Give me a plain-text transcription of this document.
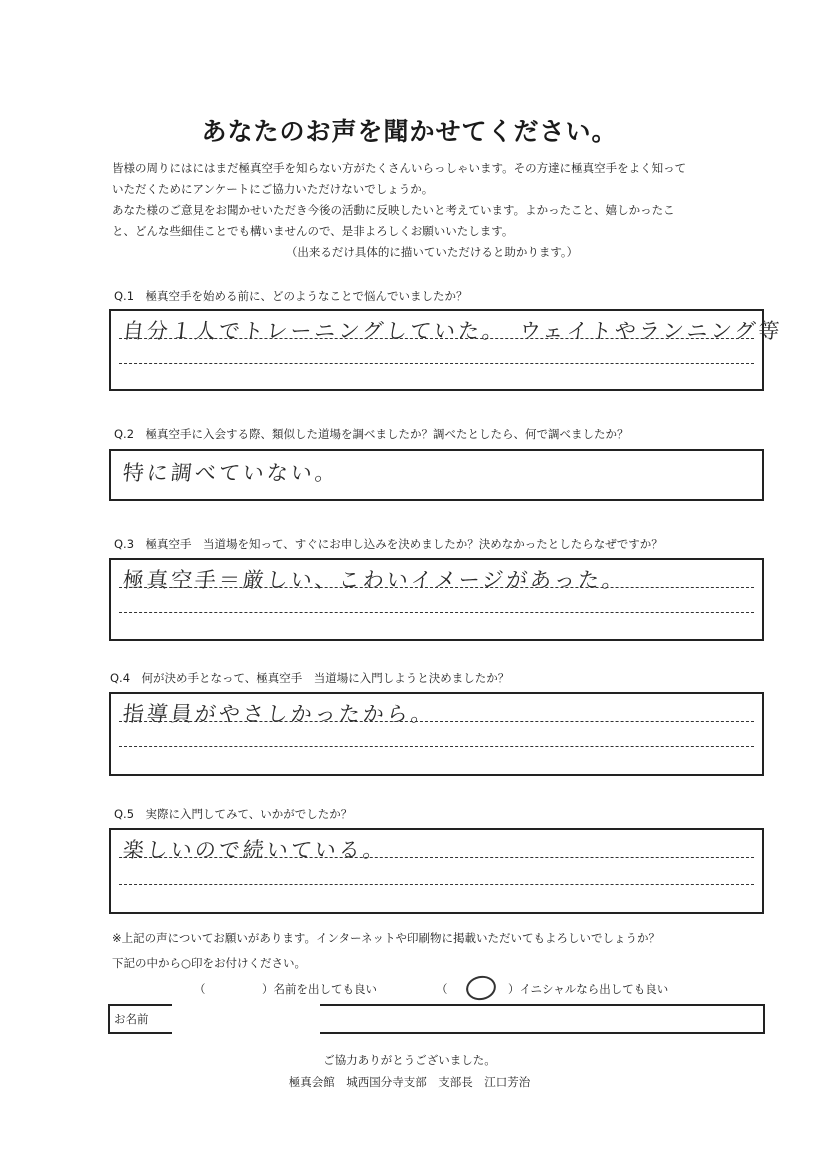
あなたのお声を聞かせてください。
皆様の周りにはにはまだ極真空手を知らない方がたくさんいらっしゃいます。その方達に極真空手をよく知って
いただくためにアンケートにご協力いただけないでしょうか。
あなた様のご意見をお聞かせいただき今後の活動に反映したいと考えています。よかったこと、嬉しかったこ
と、どんな些細佳ことでも構いませんので、是非よろしくお願いいたします。
（出来るだけ具体的に描いていただけると助かります。）
Q.1　極真空手を始める前に、どのようなことで悩んでいましたか？
自分１人でトレーニングしていた。　ウェイトやランニング等
Q.2　極真空手に入会する際、類似した道場を調べましたか？調べたとしたら、何で調べましたか？
特に調べていない。
Q.3　極真空手　当道場を知って、すぐにお申し込みを決めましたか？決めなかったとしたらなぜですか？
極真空手＝厳しい、こわいイメージがあった。
Q.4　何が決め手となって、極真空手　当道場に入門しようと決めましたか？
指導員がやさしかったから。
Q.5　実際に入門してみて、いかがでしたか？
楽しいので続いている。
※上記の声についてお願いがあります。インターネットや印刷物に掲載いただいてもよろしいでしょうか？
下記の中から○印をお付けください。
（	）名前を出しても良い	（	）イニシャルなら出しても良い
お名前
ご協力ありがとうございました。
極真会館　城西国分寺支部　支部長　江口芳治
